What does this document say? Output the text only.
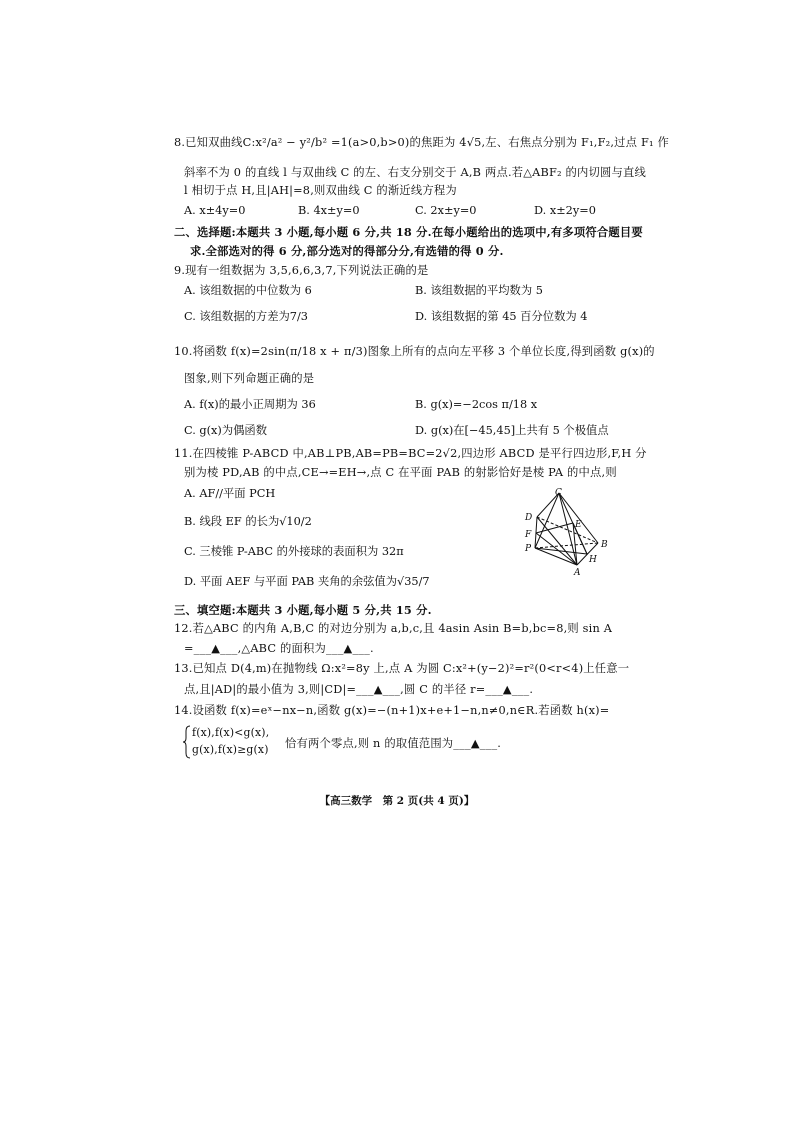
8.已知双曲线C:x²/a² − y²/b² =1(a>0,b>0)的焦距为 4√5,左、右焦点分别为 F₁,F₂,过点 F₁ 作
斜率不为 0 的直线 l 与双曲线 C 的左、右支分别交于 A,B 两点.若△ABF₂ 的内切圆与直线
l 相切于点 H,且|AH|=8,则双曲线 C 的渐近线方程为
A. x±4y=0	B. 4x±y=0	C. 2x±y=0	D. x±2y=0
二、选择题:本题共 3 小题,每小题 6 分,共 18 分.在每小题给出的选项中,有多项符合题目要
求.全部选对的得 6 分,部分选对的得部分分,有选错的得 0 分.
9.现有一组数据为 3,5,6,6,3,7,下列说法正确的是
A. 该组数据的中位数为 6	B. 该组数据的平均数为 5
C. 该组数据的方差为7/3	D. 该组数据的第 45 百分位数为 4
10.将函数 f(x)=2sin(π/18 x + π/3)图象上所有的点向左平移 3 个单位长度,得到函数 g(x)的
图象,则下列命题正确的是
A. f(x)的最小正周期为 36	B. g(x)=−2cos π/18 x
C. g(x)为偶函数	D. g(x)在[−45,45]上共有 5 个极值点
11.在四棱锥 P-ABCD 中,AB⊥PB,AB=PB=BC=2√2,四边形 ABCD 是平行四边形,F,H 分
别为棱 PD,AB 的中点,CE→=EH→,点 C 在平面 PAB 的射影恰好是棱 PA 的中点,则
A. AF//平面 PCH
B. 线段 EF 的长为√10/2
C. 三棱锥 P-ABC 的外接球的表面积为 32π
D. 平面 AEF 与平面 PAB 夹角的余弦值为√35/7
C
D
E
F
B
P
H
A
三、填空题:本题共 3 小题,每小题 5 分,共 15 分.
12.若△ABC 的内角 A,B,C 的对边分别为 a,b,c,且 4asin Asin B=b,bc=8,则 sin A
=___▲___,△ABC 的面积为___▲___.
13.已知点 D(4,m)在抛物线 Ω:x²=8y 上,点 A 为圆 C:x²+(y−2)²=r²(0<r<4)上任意一
点,且|AD|的最小值为 3,则|CD|=___▲___,圆 C 的半径 r=___▲___.
14.设函数 f(x)=eˣ−nx−n,函数 g(x)=−(n+1)x+e+1−n,n≠0,n∈R.若函数 h(x)=
f(x),f(x)<g(x),
g(x),f(x)≥g(x) 恰有两个零点,则 n 的取值范围为___▲___.
【高三数学　第 2 页(共 4 页)】
